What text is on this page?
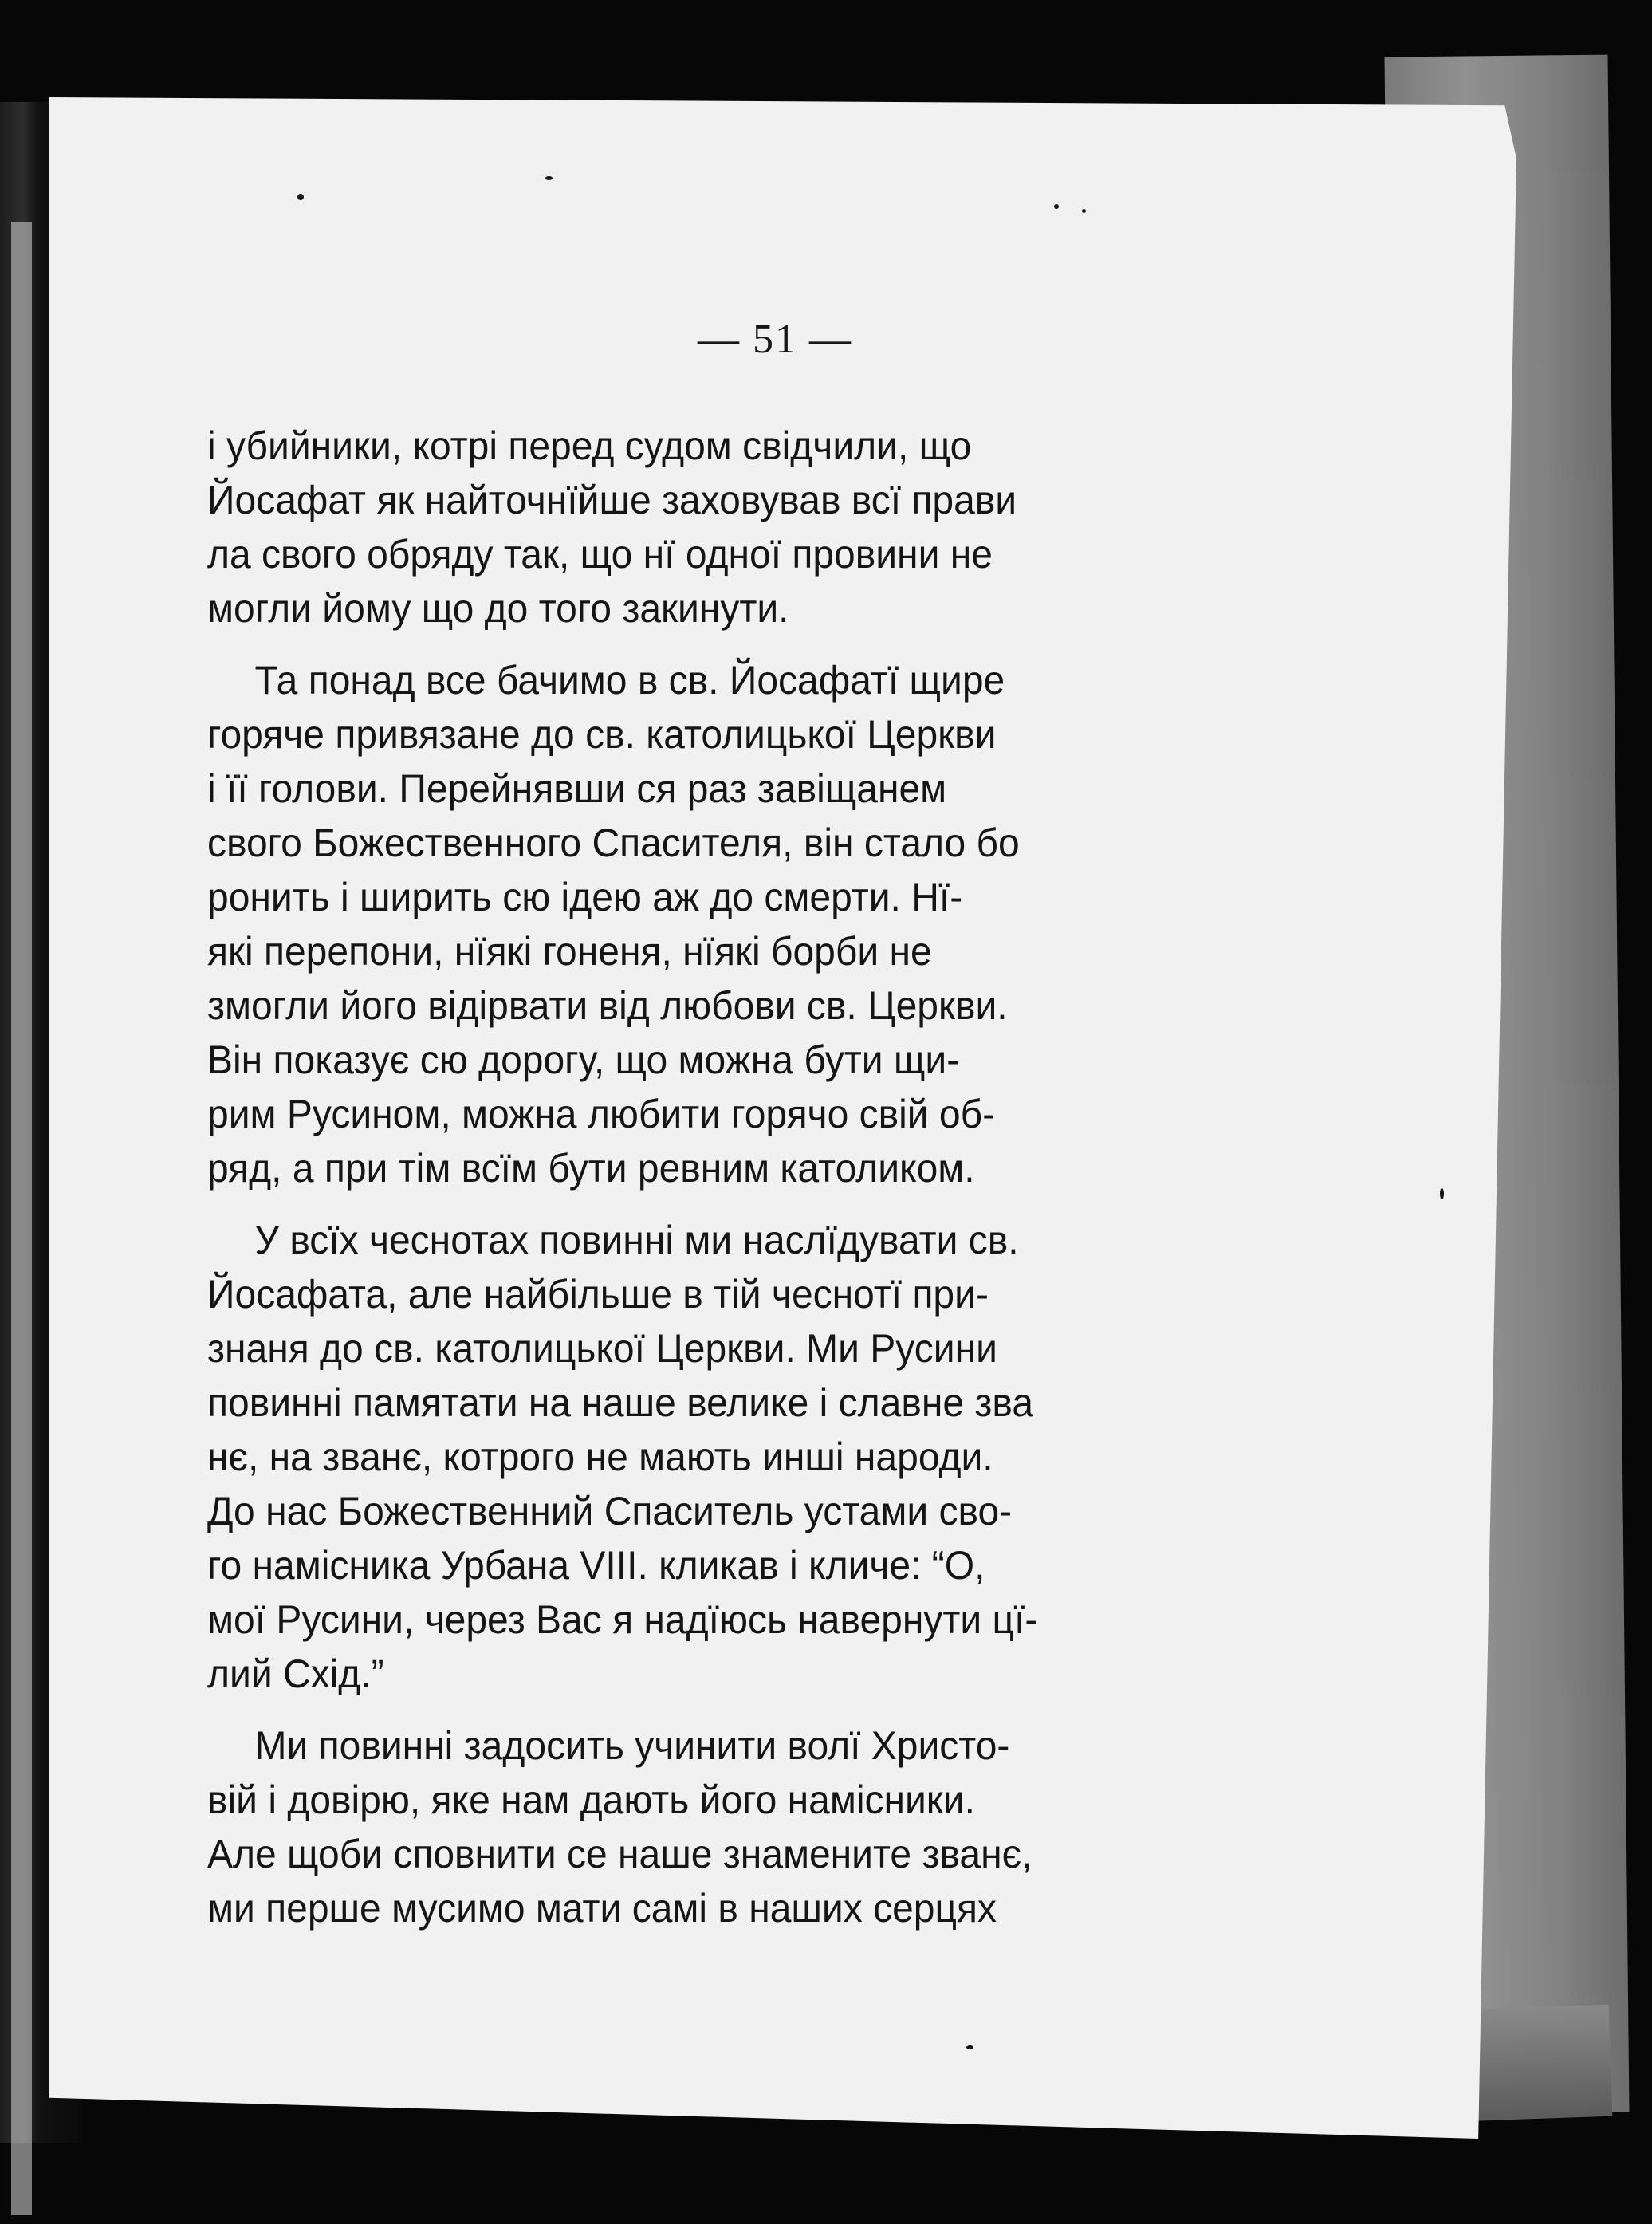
— 51 —
і убийники, котрі перед судом свідчили, що
Йосафат як найточнїйше заховував всї прави
ла свого обряду так, що нї одної провини не
могли йому що до того закинути.
Та понад все бачимо в св. Йосафатї щире
горяче привязане до св. католицької Церкви
і її голови. Перейнявши ся раз завіщанем
свого Божественного Спасителя, він стало бо
ронить і ширить сю ідею аж до смерти. Нї-
які перепони, нїякі гоненя, нїякі борби не
змогли його відірвати від любови св. Церкви.
Він показує сю дорогу, що можна бути щи-
рим Русином, можна любити горячо свій об-
ряд, а при тім всїм бути ревним католиком.
У всїх чеснотах повинні ми наслїдувати св.
Йосафата, але найбільше в тій чеснотї при-
знаня до св. католицької Церкви. Ми Русини
повинні памятати на наше велике і славне зва
нє, на званє, котрого не мають инші народи.
До нас Божественний Спаситель устами сво-
го намісника Урбана VIII. кликав і кличе: “О,
мої Русини, через Вас я надїюсь навернути цї-
лий Схід.”
Ми повинні задосить учинити волї Христо-
вій і довірю, яке нам дають його намісники.
Але щоби сповнити се наше знамените званє,
ми перше мусимо мати самі в наших серцях
